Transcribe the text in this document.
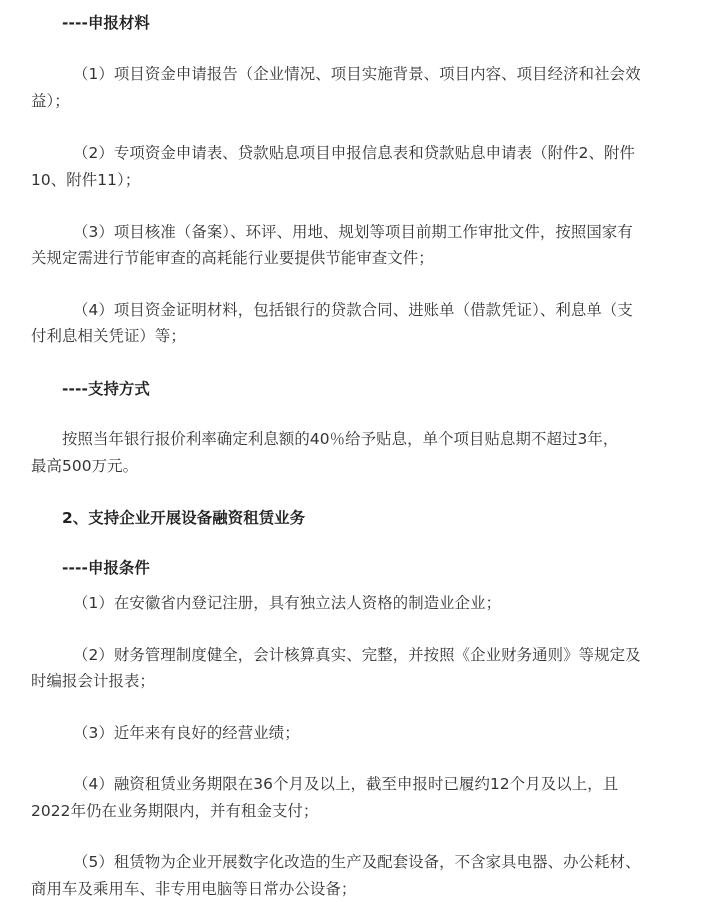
----申报材料

（1）项目资金申请报告（企业情况、项目实施背景、项目内容、项目经济和社会效

益）；

（2）专项资金申请表、贷款贴息项目申报信息表和贷款贴息申请表（附件2、附件

10、附件11）；

（3）项目核准（备案）、环评、用地、规划等项目前期工作审批文件，按照国家有

关规定需进行节能审查的高耗能行业要提供节能审查文件；

（4）项目资金证明材料，包括银行的贷款合同、进账单（借款凭证）、利息单（支

付利息相关凭证）等；

----支持方式

按照当年银行报价利率确定利息额的40％给予贴息，单个项目贴息期不超过3年，

最高500万元。

2、支持企业开展设备融资租赁业务

----申报条件

（1）在安徽省内登记注册，具有独立法人资格的制造业企业；

（2）财务管理制度健全，会计核算真实、完整，并按照《企业财务通则》等规定及

时编报会计报表；

（3）近年来有良好的经营业绩；

（4）融资租赁业务期限在36个月及以上，截至申报时已履约12个月及以上，且

2022年仍在业务期限内，并有租金支付；

（5）租赁物为企业开展数字化改造的生产及配套设备，不含家具电器、办公耗材、

商用车及乘用车、非专用电脑等日常办公设备；
